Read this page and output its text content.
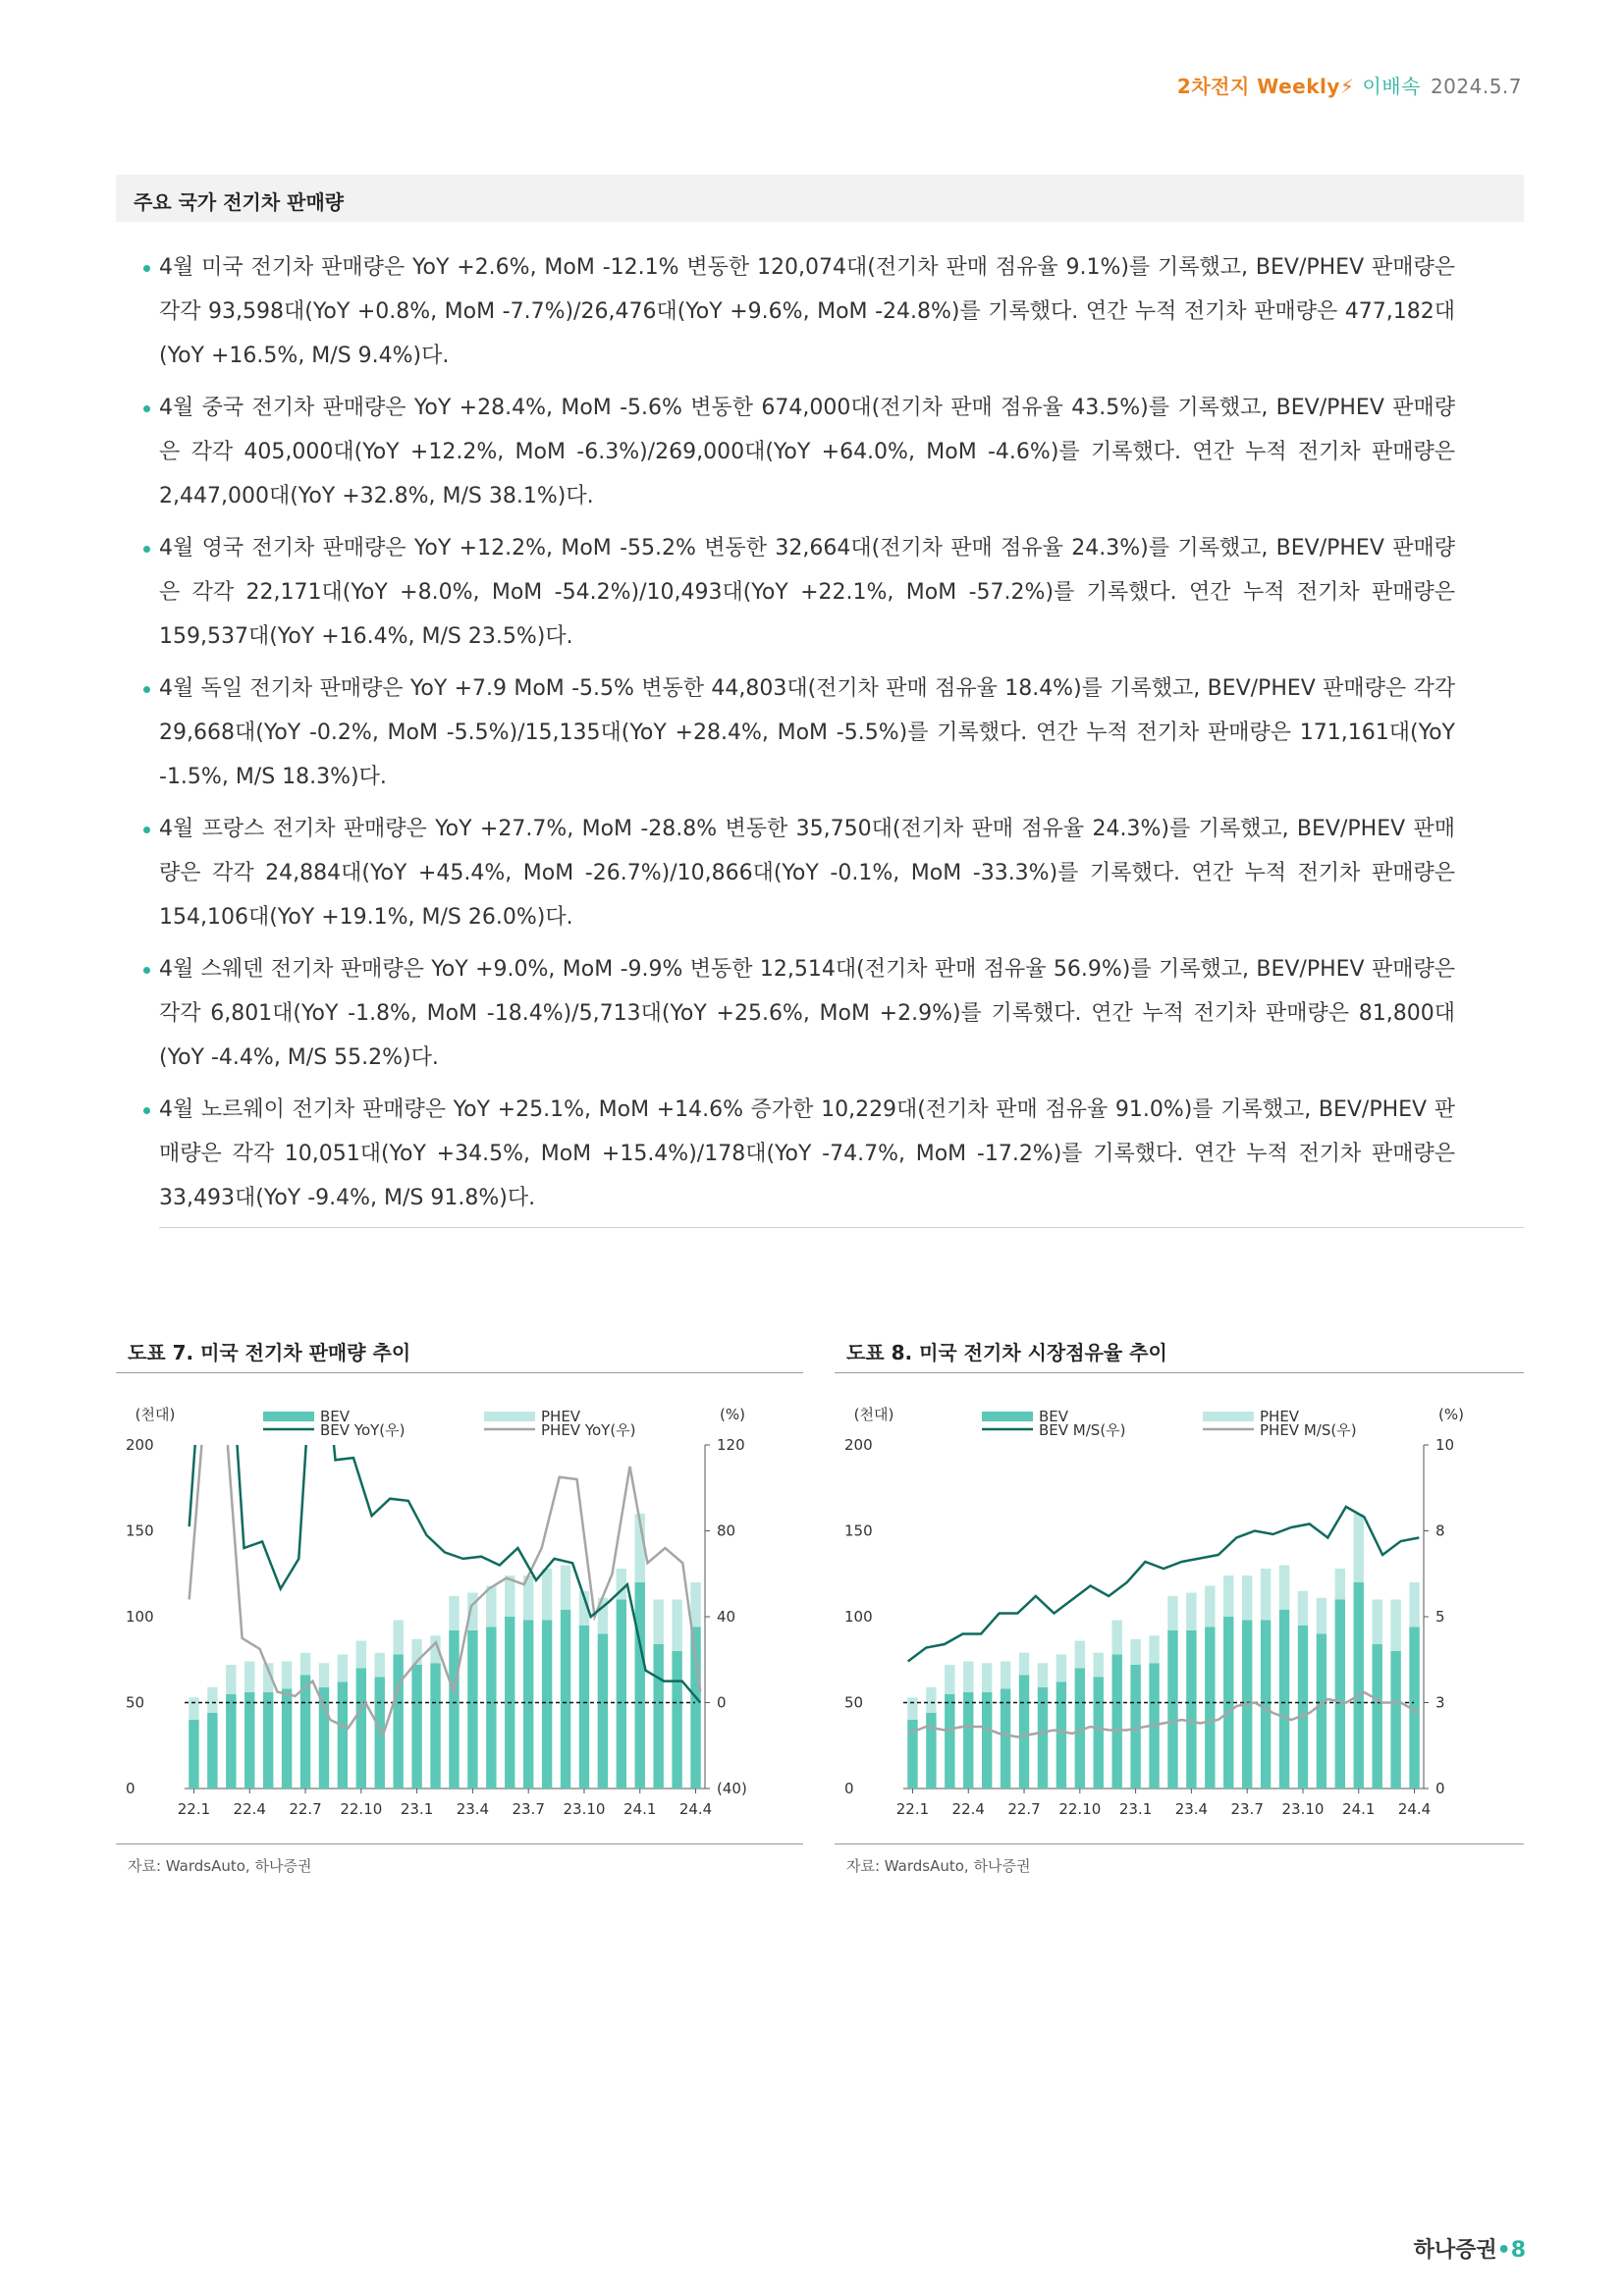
2차전지 Weekly⚡ 이배속 2024.5.7
주요 국가 전기차 판매량
4월 미국 전기차 판매량은 YoY +2.6%, MoM -12.1% 변동한 120,074대(전기차 판매 점유율 9.1%)를 기록했고, BEV/PHEV 판매량은 각각 93,598대(YoY +0.8%, MoM -7.7%)/26,476대(YoY +9.6%, MoM -24.8%)를 기록했다. 연간 누적 전기차 판매량은 477,182대(YoY +16.5%, M/S 9.4%)다.
4월 중국 전기차 판매량은 YoY +28.4%, MoM -5.6% 변동한 674,000대(전기차 판매 점유율 43.5%)를 기록했고, BEV/PHEV 판매량은 각각 405,000대(YoY +12.2%, MoM -6.3%)/269,000대(YoY +64.0%, MoM -4.6%)를 기록했다. 연간 누적 전기차 판매량은 2,447,000대(YoY +32.8%, M/S 38.1%)다.
4월 영국 전기차 판매량은 YoY +12.2%, MoM -55.2% 변동한 32,664대(전기차 판매 점유율 24.3%)를 기록했고, BEV/PHEV 판매량은 각각 22,171대(YoY +8.0%, MoM -54.2%)/10,493대(YoY +22.1%, MoM -57.2%)를 기록했다. 연간 누적 전기차 판매량은 159,537대(YoY +16.4%, M/S 23.5%)다.
4월 독일 전기차 판매량은 YoY +7.9 MoM -5.5% 변동한 44,803대(전기차 판매 점유율 18.4%)를 기록했고, BEV/PHEV 판매량은 각각 29,668대(YoY -0.2%, MoM -5.5%)/15,135대(YoY +28.4%, MoM -5.5%)를 기록했다. 연간 누적 전기차 판매량은 171,161대(YoY -1.5%, M/S 18.3%)다.
4월 프랑스 전기차 판매량은 YoY +27.7%, MoM -28.8% 변동한 35,750대(전기차 판매 점유율 24.3%)를 기록했고, BEV/PHEV 판매량은 각각 24,884대(YoY +45.4%, MoM -26.7%)/10,866대(YoY -0.1%, MoM -33.3%)를 기록했다. 연간 누적 전기차 판매량은 154,106대(YoY +19.1%, M/S 26.0%)다.
4월 스웨덴 전기차 판매량은 YoY +9.0%, MoM -9.9% 변동한 12,514대(전기차 판매 점유율 56.9%)를 기록했고, BEV/PHEV 판매량은 각각 6,801대(YoY -1.8%, MoM -18.4%)/5,713대(YoY +25.6%, MoM +2.9%)를 기록했다. 연간 누적 전기차 판매량은 81,800대(YoY -4.4%, M/S 55.2%)다.
4월 노르웨이 전기차 판매량은 YoY +25.1%, MoM +14.6% 증가한 10,229대(전기차 판매 점유율 91.0%)를 기록했고, BEV/PHEV 판매량은 각각 10,051대(YoY +34.5%, MoM +15.4%)/178대(YoY -74.7%, MoM -17.2%)를 기록했다. 연간 누적 전기차 판매량은 33,493대(YoY -9.4%, M/S 91.8%)다.
도표 7. 미국 전기차 판매량 추이
(천대)	(%)
0
50
100
150
200
(40)
0
40
80
120
22.1 22.4 22.7 22.10 23.1 23.4 23.7 23.10 24.1 24.4
BEV
BEV YoY(우)
PHEV
PHEV YoY(우)
자료: WardsAuto, 하나증권
도표 8. 미국 전기차 시장점유율 추이
(천대)	(%)
0
50
100
150
200
0
3
5
8
10
22.1 22.4 22.7 22.10 23.1 23.4 23.7 23.10 24.1 24.4
BEV
BEV M/S(우)
PHEV
PHEV M/S(우)
자료: WardsAuto, 하나증권
하나증권•8
